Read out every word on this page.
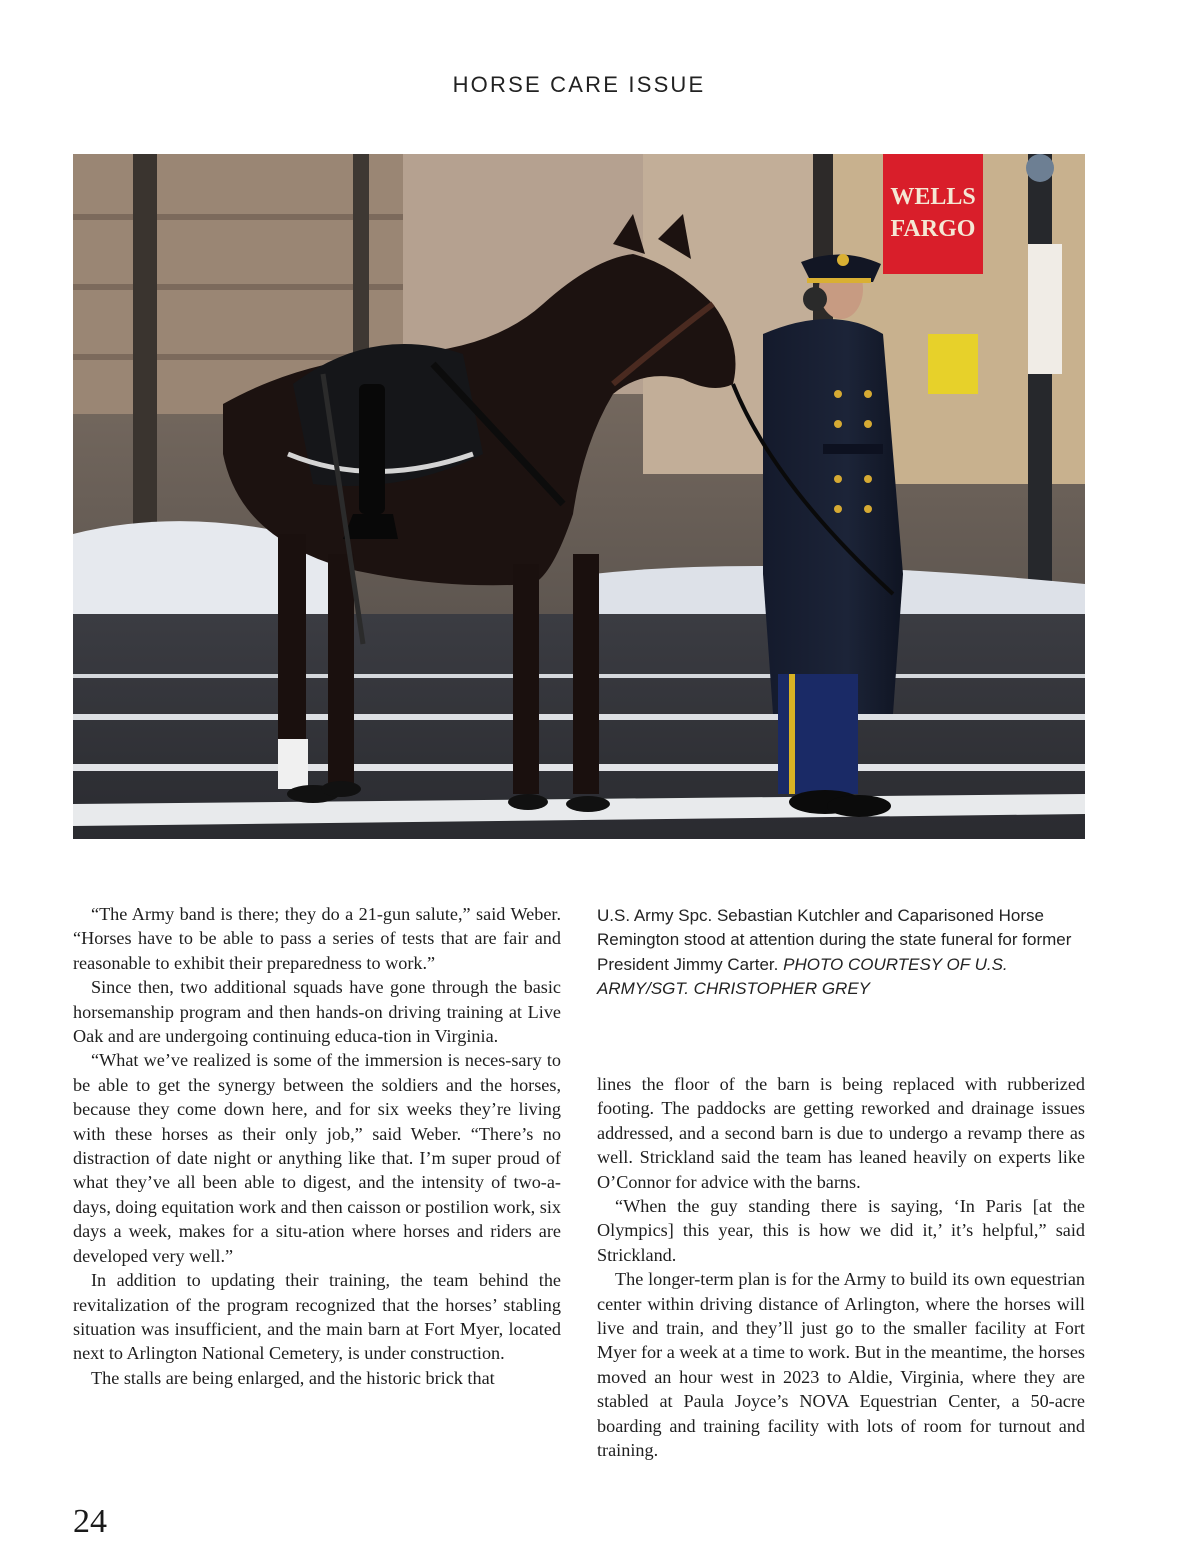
HORSE CARE ISSUE
WELLS
FARGO

“The Army band is there; they do a 21-gun salute,” said Weber. “Horses have to be able to pass a series of tests that are fair and reasonable to exhibit their preparedness to work.”

Since then, two additional squads have gone through the basic horsemanship program and then hands-on driving training at Live Oak and are undergoing continuing educa-tion in Virginia.

“What we’ve realized is some of the immersion is neces-sary to be able to get the synergy between the soldiers and the horses, because they come down here, and for six weeks they’re living with these horses as their only job,” said Weber. “There’s no distraction of date night or anything like that. I’m super proud of what they’ve all been able to digest, and the intensity of two-a-days, doing equitation work and then caisson or postilion work, six days a week, makes for a situ-ation where horses and riders are developed very well.”

In addition to updating their training, the team behind the revitalization of the program recognized that the horses’ stabling situation was insufficient, and the main barn at Fort Myer, located next to Arlington National Cemetery, is under construction.

The stalls are being enlarged, and the historic brick that

U.S. Army Spc. Sebastian Kutchler and Caparisoned Horse Remington stood at attention during the state funeral for former President Jimmy Carter. PHOTO COURTESY OF U.S. ARMY/SGT. CHRISTOPHER GREY

lines the floor of the barn is being replaced with rubberized footing. The paddocks are getting reworked and drainage issues addressed, and a second barn is due to undergo a revamp there as well. Strickland said the team has leaned heavily on experts like O’Connor for advice with the barns.

“When the guy standing there is saying, ‘In Paris [at the Olympics] this year, this is how we did it,’ it’s helpful,” said Strickland.

The longer-term plan is for the Army to build its own equestrian center within driving distance of Arlington, where the horses will live and train, and they’ll just go to the smaller facility at Fort Myer for a week at a time to work. But in the meantime, the horses moved an hour west in 2023 to Aldie, Virginia, where they are stabled at Paula Joyce’s NOVA Equestrian Center, a 50-acre boarding and training facility with lots of room for turnout and training.

24
